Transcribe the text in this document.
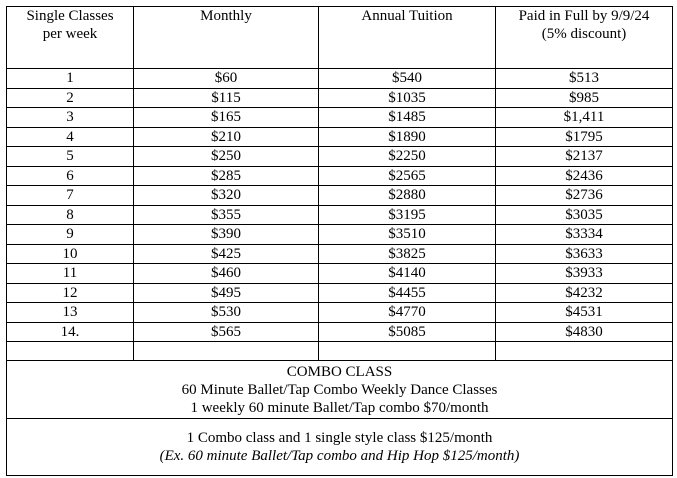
Single Classes
per week	Monthly	Annual Tuition	Paid in Full by 9/9/24
(5% discount)

1	$60	$540	$513
2	$115	$1035	$985
3	$165	$1485	$1,411
4	$210	$1890	$1795
5	$250	$2250	$2137
6	$285	$2565	$2436
7	$320	$2880	$2736
8	$355	$3195	$3035
9	$390	$3510	$3334
10	$425	$3825	$3633
11	$460	$4140	$3933
12	$495	$4455	$4232
13	$530	$4770	$4531
14.	$565	$5085	$4830

COMBO CLASS
60 Minute Ballet/Tap Combo Weekly Dance Classes
1 weekly 60 minute Ballet/Tap combo $70/month			

1 Combo class and 1 single style class $125/month
(Ex. 60 minute Ballet/Tap combo and Hip Hop $125/month)			
